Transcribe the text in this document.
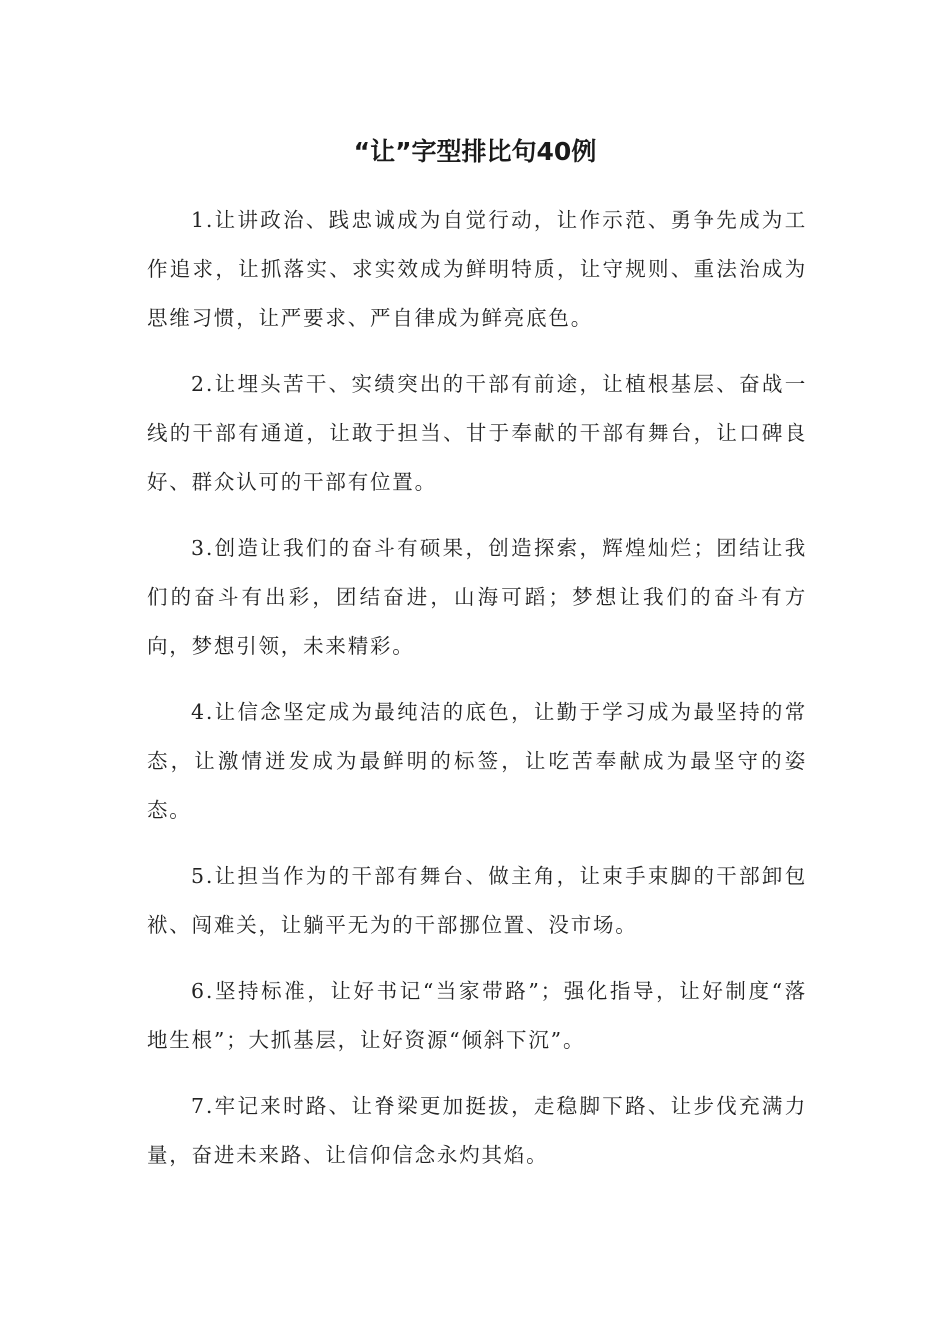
“让”字型排比句40例

1.让讲政治、践忠诚成为自觉行动，让作示范、勇争先成为工作追求，让抓落实、求实效成为鲜明特质，让守规则、重法治成为思维习惯，让严要求、严自律成为鲜亮底色。

2.让埋头苦干、实绩突出的干部有前途，让植根基层、奋战一线的干部有通道，让敢于担当、甘于奉献的干部有舞台，让口碑良好、群众认可的干部有位置。

3.创造让我们的奋斗有硕果，创造探索，辉煌灿烂；团结让我们的奋斗有出彩，团结奋进，山海可蹈；梦想让我们的奋斗有方向，梦想引领，未来精彩。

4.让信念坚定成为最纯洁的底色，让勤于学习成为最坚持的常态，让激情迸发成为最鲜明的标签，让吃苦奉献成为最坚守的姿态。

5.让担当作为的干部有舞台、做主角，让束手束脚的干部卸包袱、闯难关，让躺平无为的干部挪位置、没市场。

6.坚持标准，让好书记“当家带路”；强化指导，让好制度“落地生根”；大抓基层，让好资源“倾斜下沉”。

7.牢记来时路、让脊梁更加挺拔，走稳脚下路、让步伐充满力量，奋进未来路、让信仰信念永灼其焰。
